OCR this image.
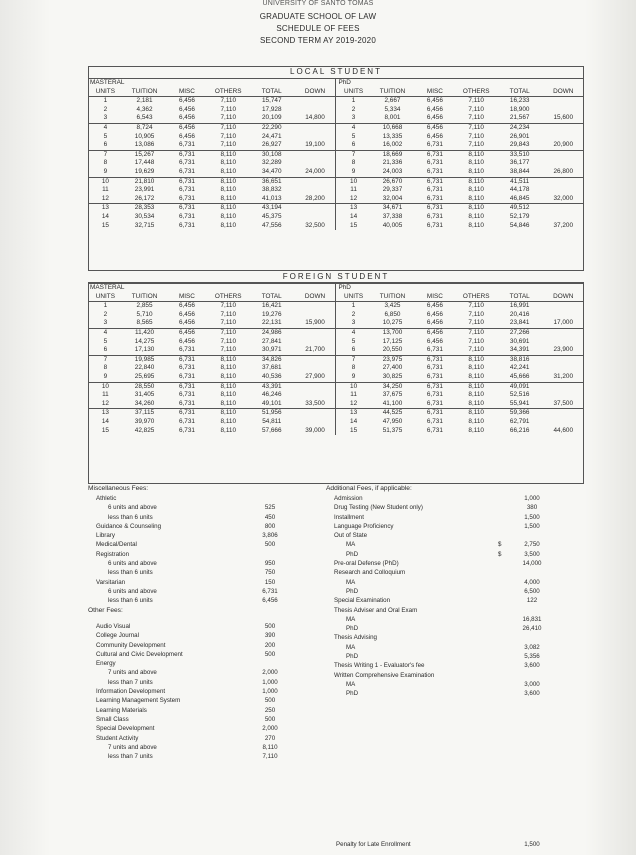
UNIVERSITY OF SANTO TOMAS
GRADUATE SCHOOL OF LAW
SCHEDULE OF FEES
SECOND TERM AY 2019-2020
LOCAL STUDENT
MASTERAL						PhD					
UNITS	TUITION	MISC	OTHERS	TOTAL	DOWN	UNITS	TUITION	MISC	OTHERS	TOTAL	DOWN
1	2,181	6,456	7,110	15,747		1	2,667	6,456	7,110	16,233	
2	4,362	6,456	7,110	17,928		2	5,334	6,456	7,110	18,900	
3	6,543	6,456	7,110	20,109	14,800	3	8,001	6,456	7,110	21,567	15,600
4	8,724	6,456	7,110	22,290		4	10,668	6,456	7,110	24,234	
5	10,905	6,456	7,110	24,471		5	13,335	6,456	7,110	26,901	
6	13,086	6,731	7,110	26,927	19,100	6	16,002	6,731	7,110	29,843	20,900
7	15,267	6,731	8,110	30,108		7	18,669	6,731	8,110	33,510	
8	17,448	6,731	8,110	32,289		8	21,336	6,731	8,110	36,177	
9	19,629	6,731	8,110	34,470	24,000	9	24,003	6,731	8,110	38,844	26,800
10	21,810	6,731	8,110	36,651		10	26,670	6,731	8,110	41,511	
11	23,991	6,731	8,110	38,832		11	29,337	6,731	8,110	44,178	
12	26,172	6,731	8,110	41,013	28,200	12	32,004	6,731	8,110	46,845	32,000
13	28,353	6,731	8,110	43,194		13	34,671	6,731	8,110	49,512	
14	30,534	6,731	8,110	45,375		14	37,338	6,731	8,110	52,179	
15	32,715	6,731	8,110	47,556	32,500	15	40,005	6,731	8,110	54,846	37,200
FOREIGN STUDENT
MASTERAL						PhD					
UNITS	TUITION	MISC	OTHERS	TOTAL	DOWN	UNITS	TUITION	MISC	OTHERS	TOTAL	DOWN
1	2,855	6,456	7,110	16,421		1	3,425	6,456	7,110	16,991	
2	5,710	6,456	7,110	19,276		2	6,850	6,456	7,110	20,416	
3	8,565	6,456	7,110	22,131	15,900	3	10,275	6,456	7,110	23,841	17,000
4	11,420	6,456	7,110	24,986		4	13,700	6,456	7,110	27,266	
5	14,275	6,456	7,110	27,841		5	17,125	6,456	7,110	30,691	
6	17,130	6,731	7,110	30,971	21,700	6	20,550	6,731	7,110	34,391	23,900
7	19,985	6,731	8,110	34,826		7	23,975	6,731	8,110	38,816	
8	22,840	6,731	8,110	37,681		8	27,400	6,731	8,110	42,241	
9	25,695	6,731	8,110	40,536	27,900	9	30,825	6,731	8,110	45,666	31,200
10	28,550	6,731	8,110	43,391		10	34,250	6,731	8,110	49,091	
11	31,405	6,731	8,110	46,246		11	37,675	6,731	8,110	52,516	
12	34,260	6,731	8,110	49,101	33,500	12	41,100	6,731	8,110	55,941	37,500
13	37,115	6,731	8,110	51,956		13	44,525	6,731	8,110	59,366	
14	39,970	6,731	8,110	54,811		14	47,950	6,731	8,110	62,791	
15	42,825	6,731	8,110	57,666	39,000	15	51,375	6,731	8,110	66,216	44,600
Miscellaneous Fees:
Athletic
6 units and above	525
less than 6 units	450
Guidance & Counseling	800
Library	3,806
Medical/Dental	500
Registration
6 units and above	950
less than 6 units	750
Varsitarian	150
6 units and above	6,731
less than 6 units	6,456
Other Fees:
Audio Visual	500
College Journal	390
Community Development	200
Cultural and Civic Development	500
Energy
7 units and above	2,000
less than 7 units	1,000
Information Development	1,000
Learning Management System	500
Learning Materials	250
Small Class	500
Special Development	2,000
Student Activity	270
7 units and above	8,110
less than 7 units	7,110
Additional Fees, if applicable:
Admission	1,000
Drug Testing (New Student only)	380
Installment	1,500
Language Proficiency	1,500
Out of State
MA	$	2,750
PhD	$	3,500
Pre-oral Defense (PhD)	14,000
Research and Colloquium
MA	4,000
PhD	6,500
Special Examination	122
Thesis Adviser and Oral Exam
MA	16,831
PhD	26,410
Thesis Advising
MA	3,082
PhD	5,356
Thesis Writing 1 - Evaluator's fee	3,600
Written Comprehensive Examination
MA	3,000
PhD	3,600
Penalty for Late Enrollment	1,500
